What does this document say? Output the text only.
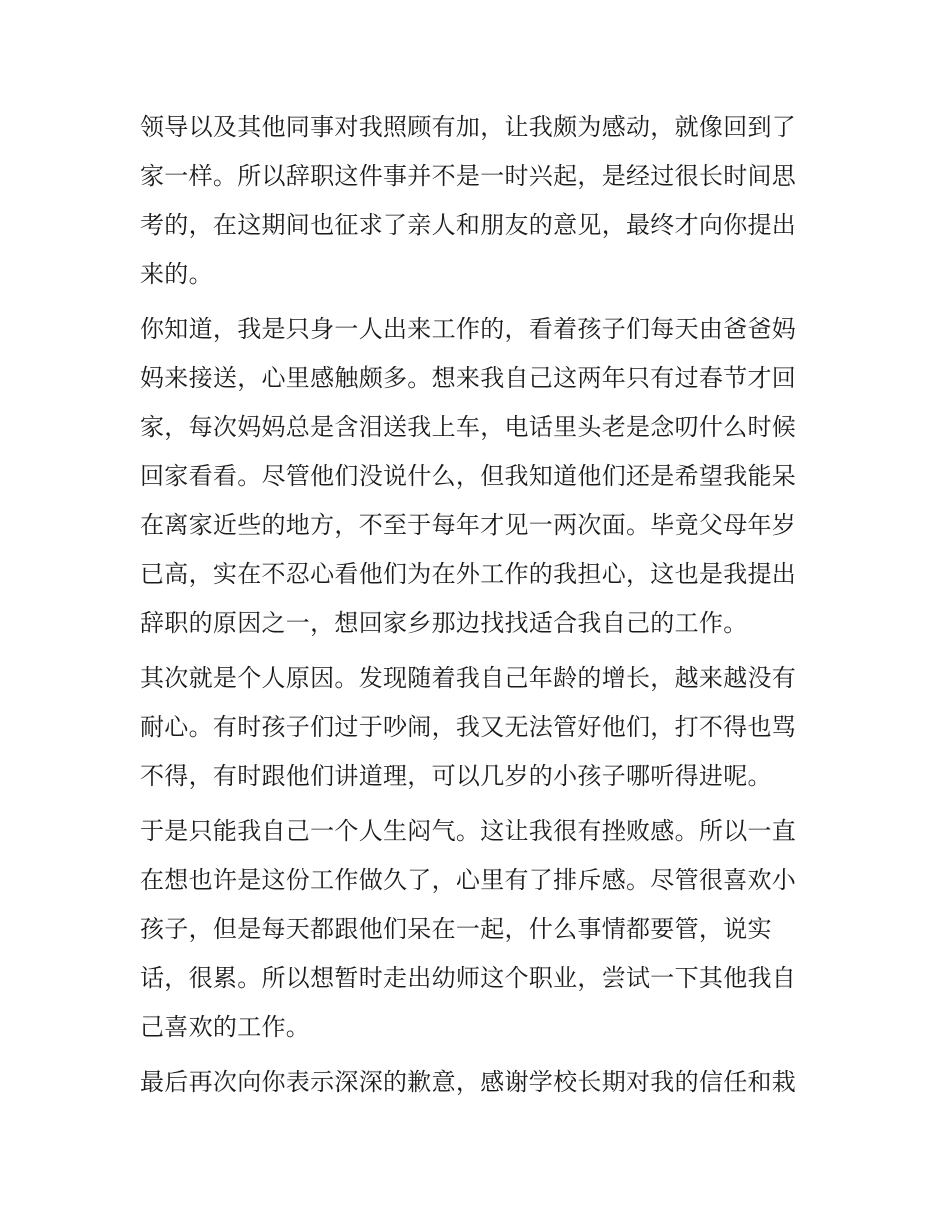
领导以及其他同事对我照顾有加，让我颇为感动，就像回到了
家一样。所以辞职这件事并不是一时兴起，是经过很长时间思
考的，在这期间也征求了亲人和朋友的意见，最终才向你提出
来的。
你知道，我是只身一人出来工作的，看着孩子们每天由爸爸妈
妈来接送，心里感触颇多。想来我自己这两年只有过春节才回
家，每次妈妈总是含泪送我上车，电话里头老是念叨什么时候
回家看看。尽管他们没说什么，但我知道他们还是希望我能呆
在离家近些的地方，不至于每年才见一两次面。毕竟父母年岁
已高，实在不忍心看他们为在外工作的我担心，这也是我提出
辞职的原因之一，想回家乡那边找找适合我自己的工作。
其次就是个人原因。发现随着我自己年龄的增长，越来越没有
耐心。有时孩子们过于吵闹，我又无法管好他们，打不得也骂
不得，有时跟他们讲道理，可以几岁的小孩子哪听得进呢。
于是只能我自己一个人生闷气。这让我很有挫败感。所以一直
在想也许是这份工作做久了，心里有了排斥感。尽管很喜欢小
孩子，但是每天都跟他们呆在一起，什么事情都要管，说实
话，很累。所以想暂时走出幼师这个职业，尝试一下其他我自
己喜欢的工作。
最后再次向你表示深深的歉意，感谢学校长期对我的信任和栽
